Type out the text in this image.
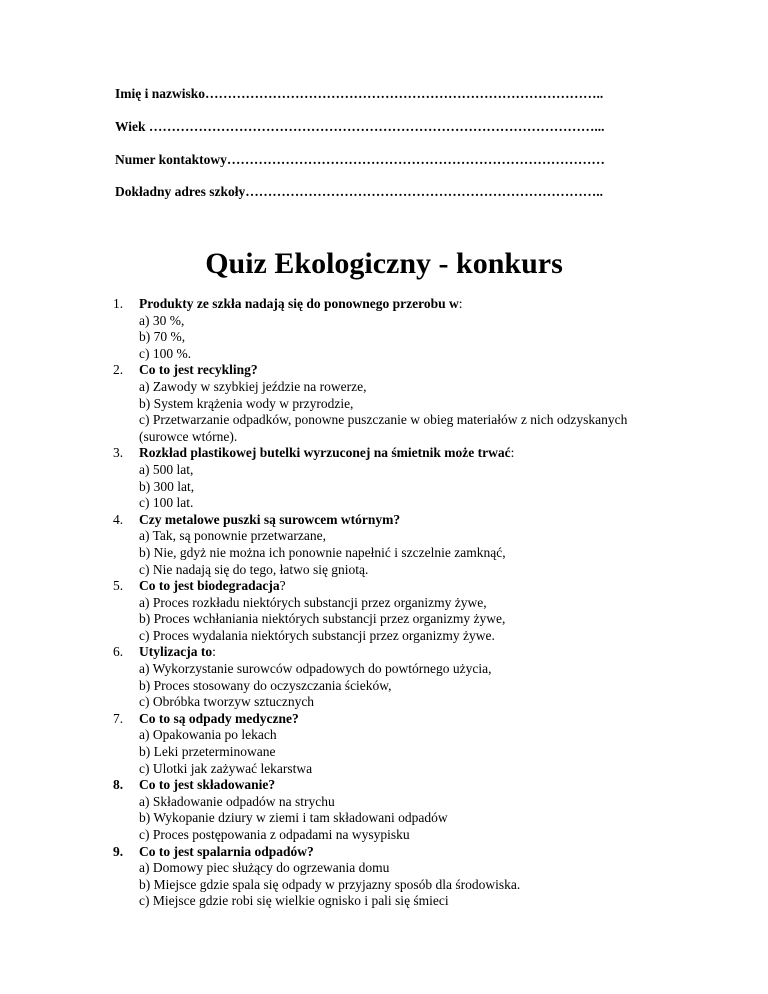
Imię i nazwisko……………………………………………………………………………..
Wiek ………………………………………………………………………………………...
Numer kontaktowy…………………………………………………………………………
Dokładny adres szkoły……………………………………………………………………..
Quiz Ekologiczny - konkurs
1.	Produkty ze szkła nadają się do ponownego przerobu w:
a) 30 %,
b) 70 %,
c) 100 %.
2.	Co to jest recykling?
a) Zawody w szybkiej jeździe na rowerze,
b) System krążenia wody w przyrodzie,
c) Przetwarzanie odpadków, ponowne puszczanie w obieg materiałów z nich odzyskanych (surowce wtórne).
3.	Rozkład plastikowej butelki wyrzuconej na śmietnik może trwać:
a) 500 lat,
b) 300 lat,
c) 100 lat.
4.	Czy metalowe puszki są surowcem wtórnym?
a) Tak, są ponownie przetwarzane,
b) Nie, gdyż nie można ich ponownie napełnić i szczelnie zamknąć,
c) Nie nadają się do tego, łatwo się gniotą.
5.	Co to jest biodegradacja?
a) Proces rozkładu niektórych substancji przez organizmy żywe,
b) Proces wchłaniania niektórych substancji przez organizmy żywe,
c) Proces wydalania niektórych substancji przez organizmy żywe.
6.	Utylizacja to:
a) Wykorzystanie surowców odpadowych do powtórnego użycia,
b) Proces stosowany do oczyszczania ścieków,
c) Obróbka tworzyw sztucznych
7.	Co to są odpady medyczne?
a) Opakowania po lekach
b) Leki przeterminowane
c) Ulotki jak zażywać lekarstwa
8.	Co to jest składowanie?
a) Składowanie odpadów na strychu
b) Wykopanie dziury w ziemi i tam składowani odpadów
c) Proces postępowania z odpadami na wysypisku
9.	Co to jest spalarnia odpadów?
a) Domowy piec służący do ogrzewania domu
b) Miejsce gdzie spala się odpady w przyjazny sposób dla środowiska.
c) Miejsce gdzie robi się wielkie ognisko i pali się śmieci
